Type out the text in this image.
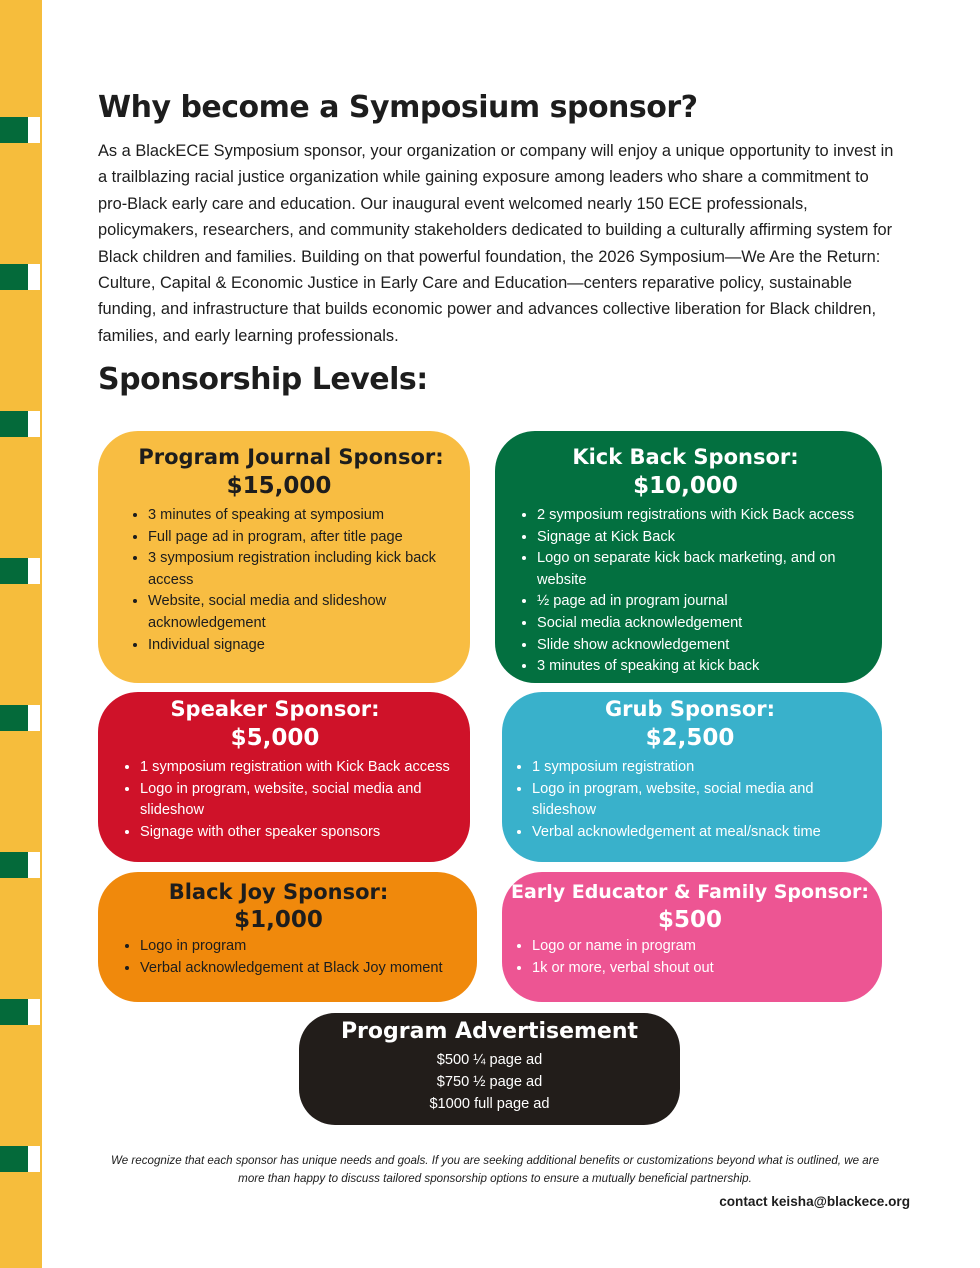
Why become a Symposium sponsor?

As a BlackECE Symposium sponsor, your organization or company will enjoy a unique opportunity to invest in a trailblazing racial justice organization while gaining exposure among leaders who share a commitment to pro-Black early care and education. Our inaugural event welcomed nearly 150 ECE professionals, policymakers, researchers, and community stakeholders dedicated to building a culturally affirming system for Black children and families. Building on that powerful foundation, the 2026 Symposium—We Are the Return: Culture, Capital & Economic Justice in Early Care and Education—centers reparative policy, sustainable funding, and infrastructure that builds economic power and advances collective liberation for Black children, families, and early learning professionals.

Sponsorship Levels:
Program Journal Sponsor:
$15,000
• 3 minutes of speaking at symposium
• Full page ad in program, after title page
• 3 symposium registration including kick back access
• Website, social media and slideshow acknowledgement
• Individual signage
Kick Back Sponsor:
$10,000
• 2 symposium registrations with Kick Back access
• Signage at Kick Back
• Logo on separate kick back marketing, and on website
• ½ page ad in program journal
• Social media acknowledgement
• Slide show acknowledgement
• 3 minutes of speaking at kick back
Speaker Sponsor:
$5,000
• 1 symposium registration with Kick Back access
• Logo in program, website, social media and slideshow
• Signage with other speaker sponsors
Grub Sponsor:
$2,500
• 1 symposium registration
• Logo in program, website, social media and slideshow
• Verbal acknowledgement at meal/snack time
Black Joy Sponsor:
$1,000
• Logo in program
• Verbal acknowledgement at Black Joy moment
Early Educator & Family Sponsor:
$500
• Logo or name in program
• 1k or more, verbal shout out
Program Advertisement
$500 ¼ page ad
$750 ½ page ad
$1000 full page ad

We recognize that each sponsor has unique needs and goals. If you are seeking additional benefits or customizations beyond what is outlined, we are more than happy to discuss tailored sponsorship options to ensure a mutually beneficial partnership.

contact keisha@blackece.org
